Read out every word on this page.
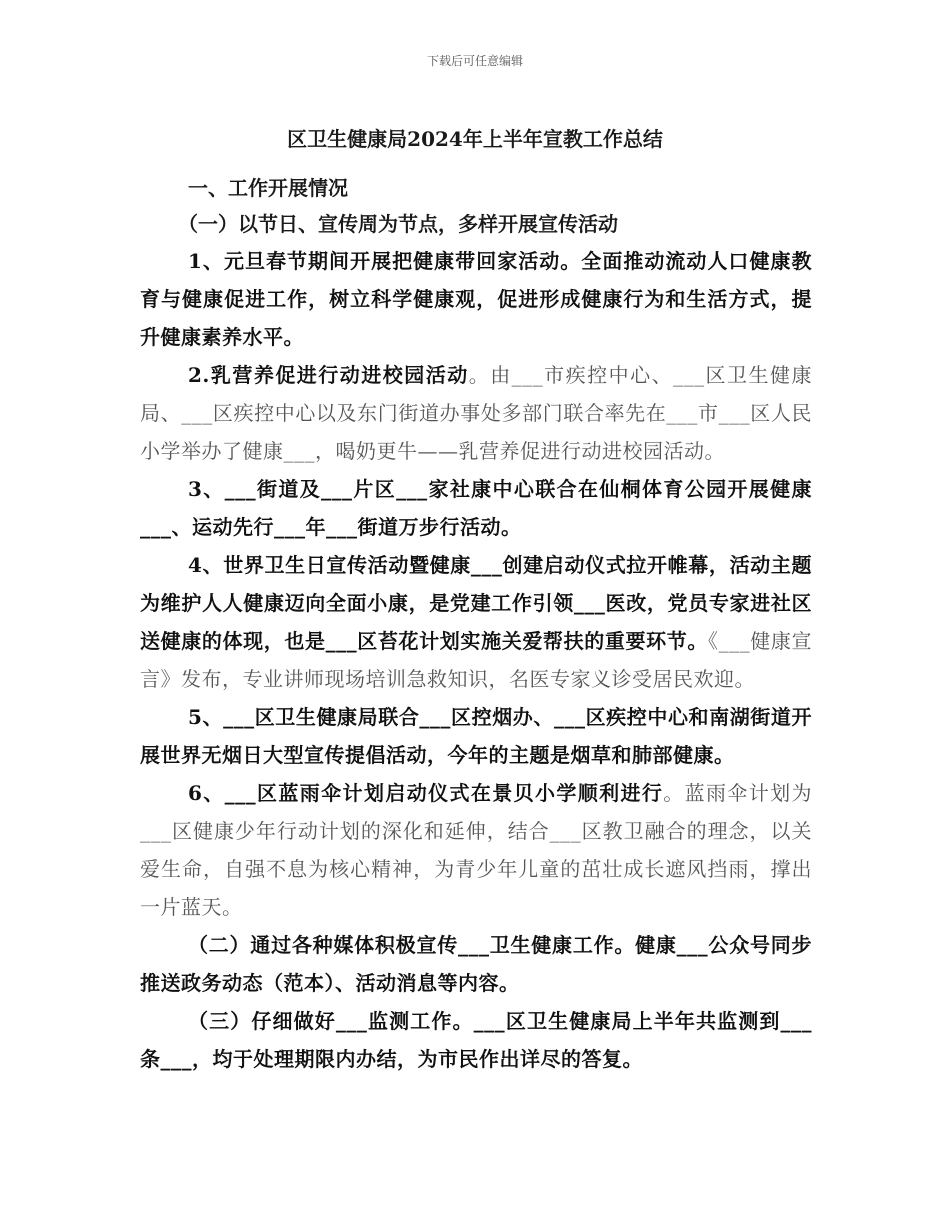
下载后可任意编辑
区卫生健康局2024年上半年宣教工作总结

一、工作开展情况

（一）以节日、宣传周为节点，多样开展宣传活动

1、元旦春节期间开展把健康带回家活动。全面推动流动人口健康教育与健康促进工作，树立科学健康观，促进形成健康行为和生活方式，提升健康素养水平。

2.乳营养促进行动进校园活动。由___市疾控中心、___区卫生健康局、___区疾控中心以及东门街道办事处多部门联合率先在___市___区人民小学举办了健康___，喝奶更牛——乳营养促进行动进校园活动。

3、___街道及___片区___家社康中心联合在仙桐体育公园开展健康___、运动先行___年___街道万步行活动。

4、世界卫生日宣传活动暨健康___创建启动仪式拉开帷幕，活动主题为维护人人健康迈向全面小康，是党建工作引领___医改，党员专家进社区送健康的体现，也是___区苔花计划实施关爱帮扶的重要环节。《___健康宣言》发布，专业讲师现场培训急救知识，名医专家义诊受居民欢迎。

5、___区卫生健康局联合___区控烟办、___区疾控中心和南湖街道开展世界无烟日大型宣传提倡活动，今年的主题是烟草和肺部健康。

6、___区蓝雨伞计划启动仪式在景贝小学顺利进行。蓝雨伞计划为___区健康少年行动计划的深化和延伸，结合___区教卫融合的理念，以关爱生命，自强不息为核心精神，为青少年儿童的茁壮成长遮风挡雨，撑出一片蓝天。

（二）通过各种媒体积极宣传___卫生健康工作。健康___公众号同步推送政务动态（范本）、活动消息等内容。

（三）仔细做好___监测工作。___区卫生健康局上半年共监测到___条___，均于处理期限内办结，为市民作出详尽的答复。
